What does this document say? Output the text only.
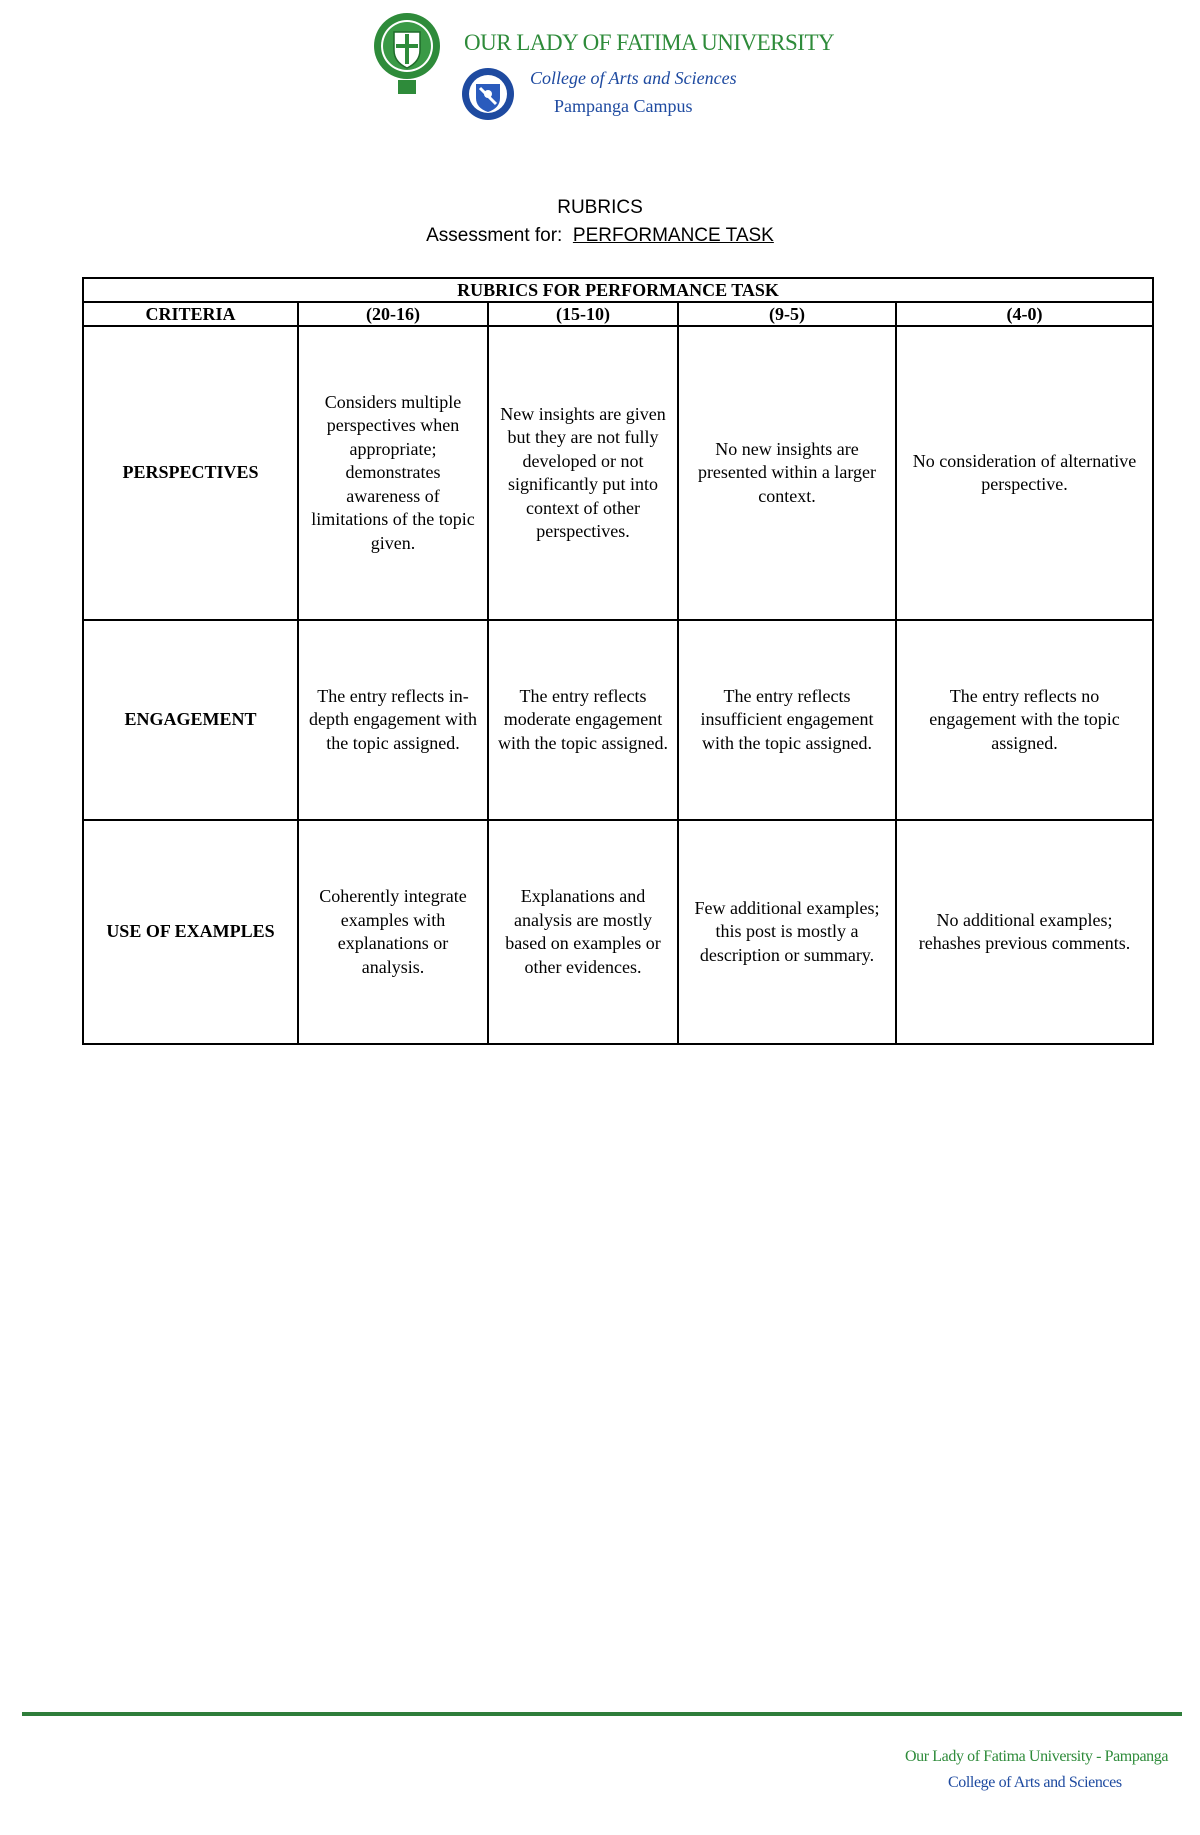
OUR LADY OF FATIMA UNIVERSITY
College of Arts and Sciences
Pampanga Campus
RUBRICS
Assessment for: PERFORMANCE TASK
RUBRICS FOR PERFORMANCE TASK				
CRITERIA	(20-16)	(15-10)	(9-5)	(4-0)
PERSPECTIVES	Considers multiple perspectives when appropriate; demonstrates awareness of limitations of the topic given.	New insights are given but they are not fully developed or not significantly put into context of other perspectives.	No new insights are presented within a larger context.	No consideration of alternative perspective.
ENGAGEMENT	The entry reflects in-depth engagement with the topic assigned.	The entry reflects moderate engagement with the topic assigned.	The entry reflects insufficient engagement with the topic assigned.	The entry reflects no engagement with the topic assigned.
USE OF EXAMPLES	Coherently integrate examples with explanations or analysis.	Explanations and analysis are mostly based on examples or other evidences.	Few additional examples; this post is mostly a description or summary.	No additional examples; rehashes previous comments.
Our Lady of Fatima University - Pampanga
College of Arts and Sciences
